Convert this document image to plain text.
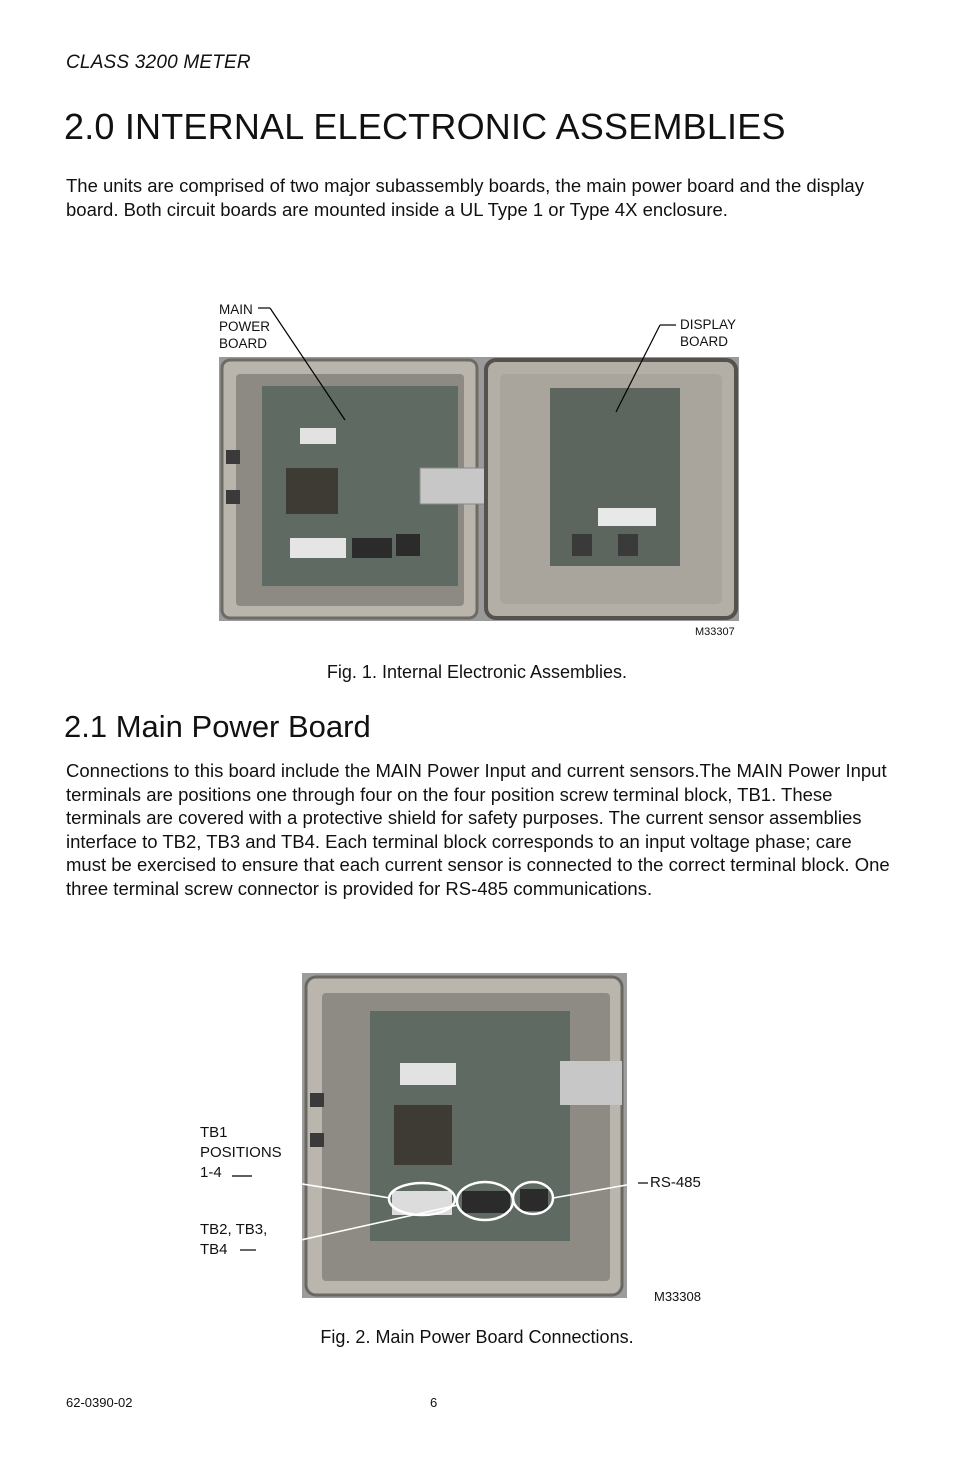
CLASS 3200 METER
2.0 INTERNAL ELECTRONIC ASSEMBLIES

The units are comprised of two major subassembly boards, the main power board and the display board. Both circuit boards are mounted inside a UL Type 1 or Type 4X enclosure.

MAIN
POWER
BOARD
DISPLAY
BOARD
M33307
Fig. 1. Internal Electronic Assemblies.
2.1 Main Power Board

Connections to this board include the MAIN Power Input and current sensors.The MAIN Power Input terminals are positions one through four on the four position screw terminal block, TB1. These terminals are covered with a protective shield for safety purposes. The current sensor assemblies interface to TB2, TB3 and TB4. Each terminal block corresponds to an input voltage phase; care must be exercised to ensure that each current sensor is connected to the correct terminal block. One three terminal screw connector is provided for RS-485 communications.

TB1
POSITIONS
1-4
TB2, TB3,
TB4
RS-485
M33308
Fig. 2. Main Power Board Connections.
62-0390-02	6
